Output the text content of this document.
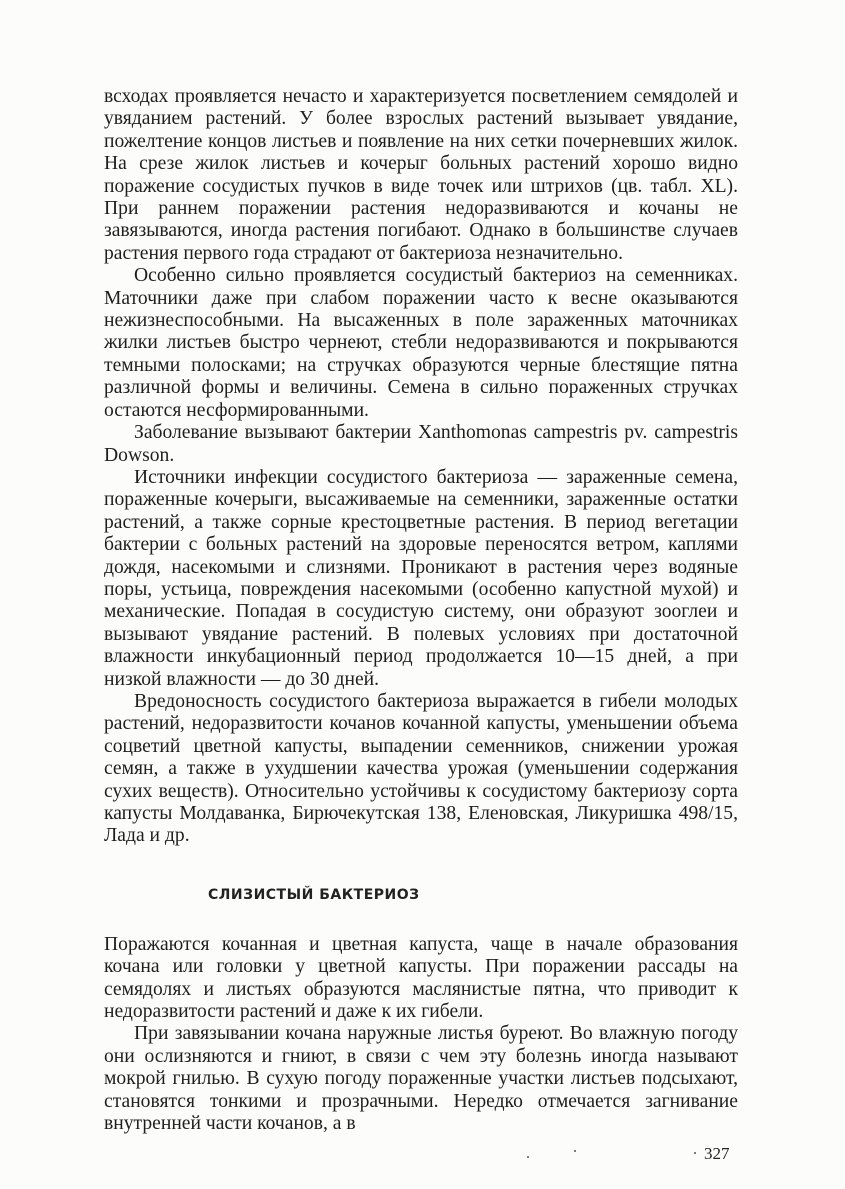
всходах проявляется нечасто и характеризуется посветлением семядолей и увяданием растений. У более взрослых растений вызывает увядание, пожелтение концов листьев и появление на них сетки почерневших жилок. На срезе жилок листьев и кочерыг больных растений хорошо видно поражение сосудистых пучков в виде точек или штрихов (цв. табл. XL). При раннем поражении растения недоразвиваются и кочаны не завязываются, иногда растения погибают. Однако в большинстве случаев растения первого года страдают от бактериоза незначительно.

Особенно сильно проявляется сосудистый бактериоз на семенниках. Маточники даже при слабом поражении часто к весне оказываются нежизнеспособными. На высаженных в поле зараженных маточниках жилки листьев быстро чернеют, стебли недоразвиваются и покрываются темными полосками; на стручках образуются черные блестящие пятна различной формы и величины. Семена в сильно пораженных стручках остаются несформированными.

Заболевание вызывают бактерии Xanthomonas campestris pv. campestris Dowson.

Источники инфекции сосудистого бактериоза — зараженные семена, пораженные кочерыги, высаживаемые на семенники, зараженные остатки растений, а также сорные крестоцветные растения. В период вегетации бактерии с больных растений на здоровые переносятся ветром, каплями дождя, насекомыми и слизнями. Проникают в растения через водяные поры, устьица, повреждения насекомыми (особенно капустной мухой) и механические. Попадая в сосудистую систему, они образуют зооглеи и вызывают увядание растений. В полевых условиях при достаточной влажности инкубационный период продолжается 10—15 дней, а при низкой влажности — до 30 дней.

Вредоносность сосудистого бактериоза выражается в гибели молодых растений, недоразвитости кочанов кочанной капусты, уменьшении объема соцветий цветной капусты, выпадении семенников, снижении урожая семян, а также в ухудшении качества урожая (уменьшении содержания сухих веществ). Относительно устойчивы к сосудистому бактериозу сорта капусты Молдаванка, Бирючекутская 138, Еленовская, Ликуришка 498/15, Лада и др.

СЛИЗИСТЫЙ БАКТЕРИОЗ

Поражаются кочанная и цветная капуста, чаще в начале образования кочана или головки у цветной капусты. При поражении рассады на семядолях и листьях образуются маслянистые пятна, что приводит к недоразвитости растений и даже к их гибели.

При завязывании кочана наружные листья буреют. Во влажную погоду они ослизняются и гниют, в связи с чем эту болезнь иногда называют мокрой гнилью. В сухую погоду пораженные участки листьев подсыхают, становятся тонкими и прозрачными. Нередко отмечается загнивание внутренней части кочанов, а в

327
